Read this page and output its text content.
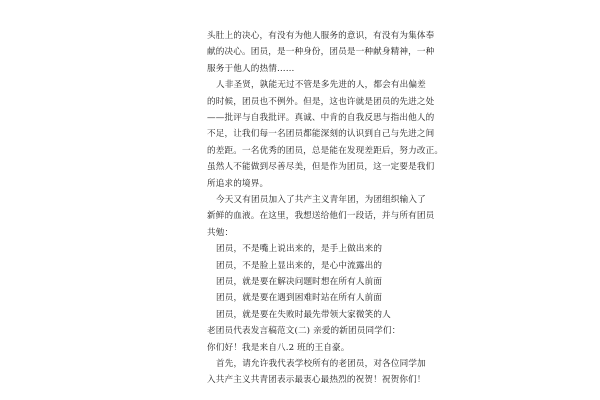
头肚上的决心，有没有为他人服务的意识，有没有为集体奉
献的决心。团员，是一种身份，团员是一种献身精神，一种
服务于他人的热情……
人非圣贤，孰能无过不管是多先进的人，都会有出偏差
的时候，团员也不例外。但是，这也许就是团员的先进之处
——批评与自我批评。真诚、中肯的自我反思与指出他人的
不足，让我们每一名团员都能深刻的认识到自己与先进之间
的差距。一名优秀的团员，总是能在发现差距后，努力改正。
虽然人不能做到尽善尽美，但是作为团员，这一定要是我们
所追求的境界。
今天又有团员加入了共产主义青年团，为团组织输入了
新鲜的血液。在这里，我想送给他们一段话，并与所有团员
共勉：
团员，不是嘴上说出来的，是手上做出来的
团员，不是脸上显出来的，是心中流露出的
团员，就是要在解决问题时想在所有人前面
团员，就是要在遇到困难时站在所有人前面
团员，就是要在失败时最先带领大家微笑的人
老团员代表发言稿范文(二) 亲爱的新团员同学们：
你们好！我是来自八.2 班的王自豪。
首先，请允许我代表学校所有的老团员，对各位同学加
入共产主义共青团表示最衷心最热烈的祝贺！祝贺你们！
